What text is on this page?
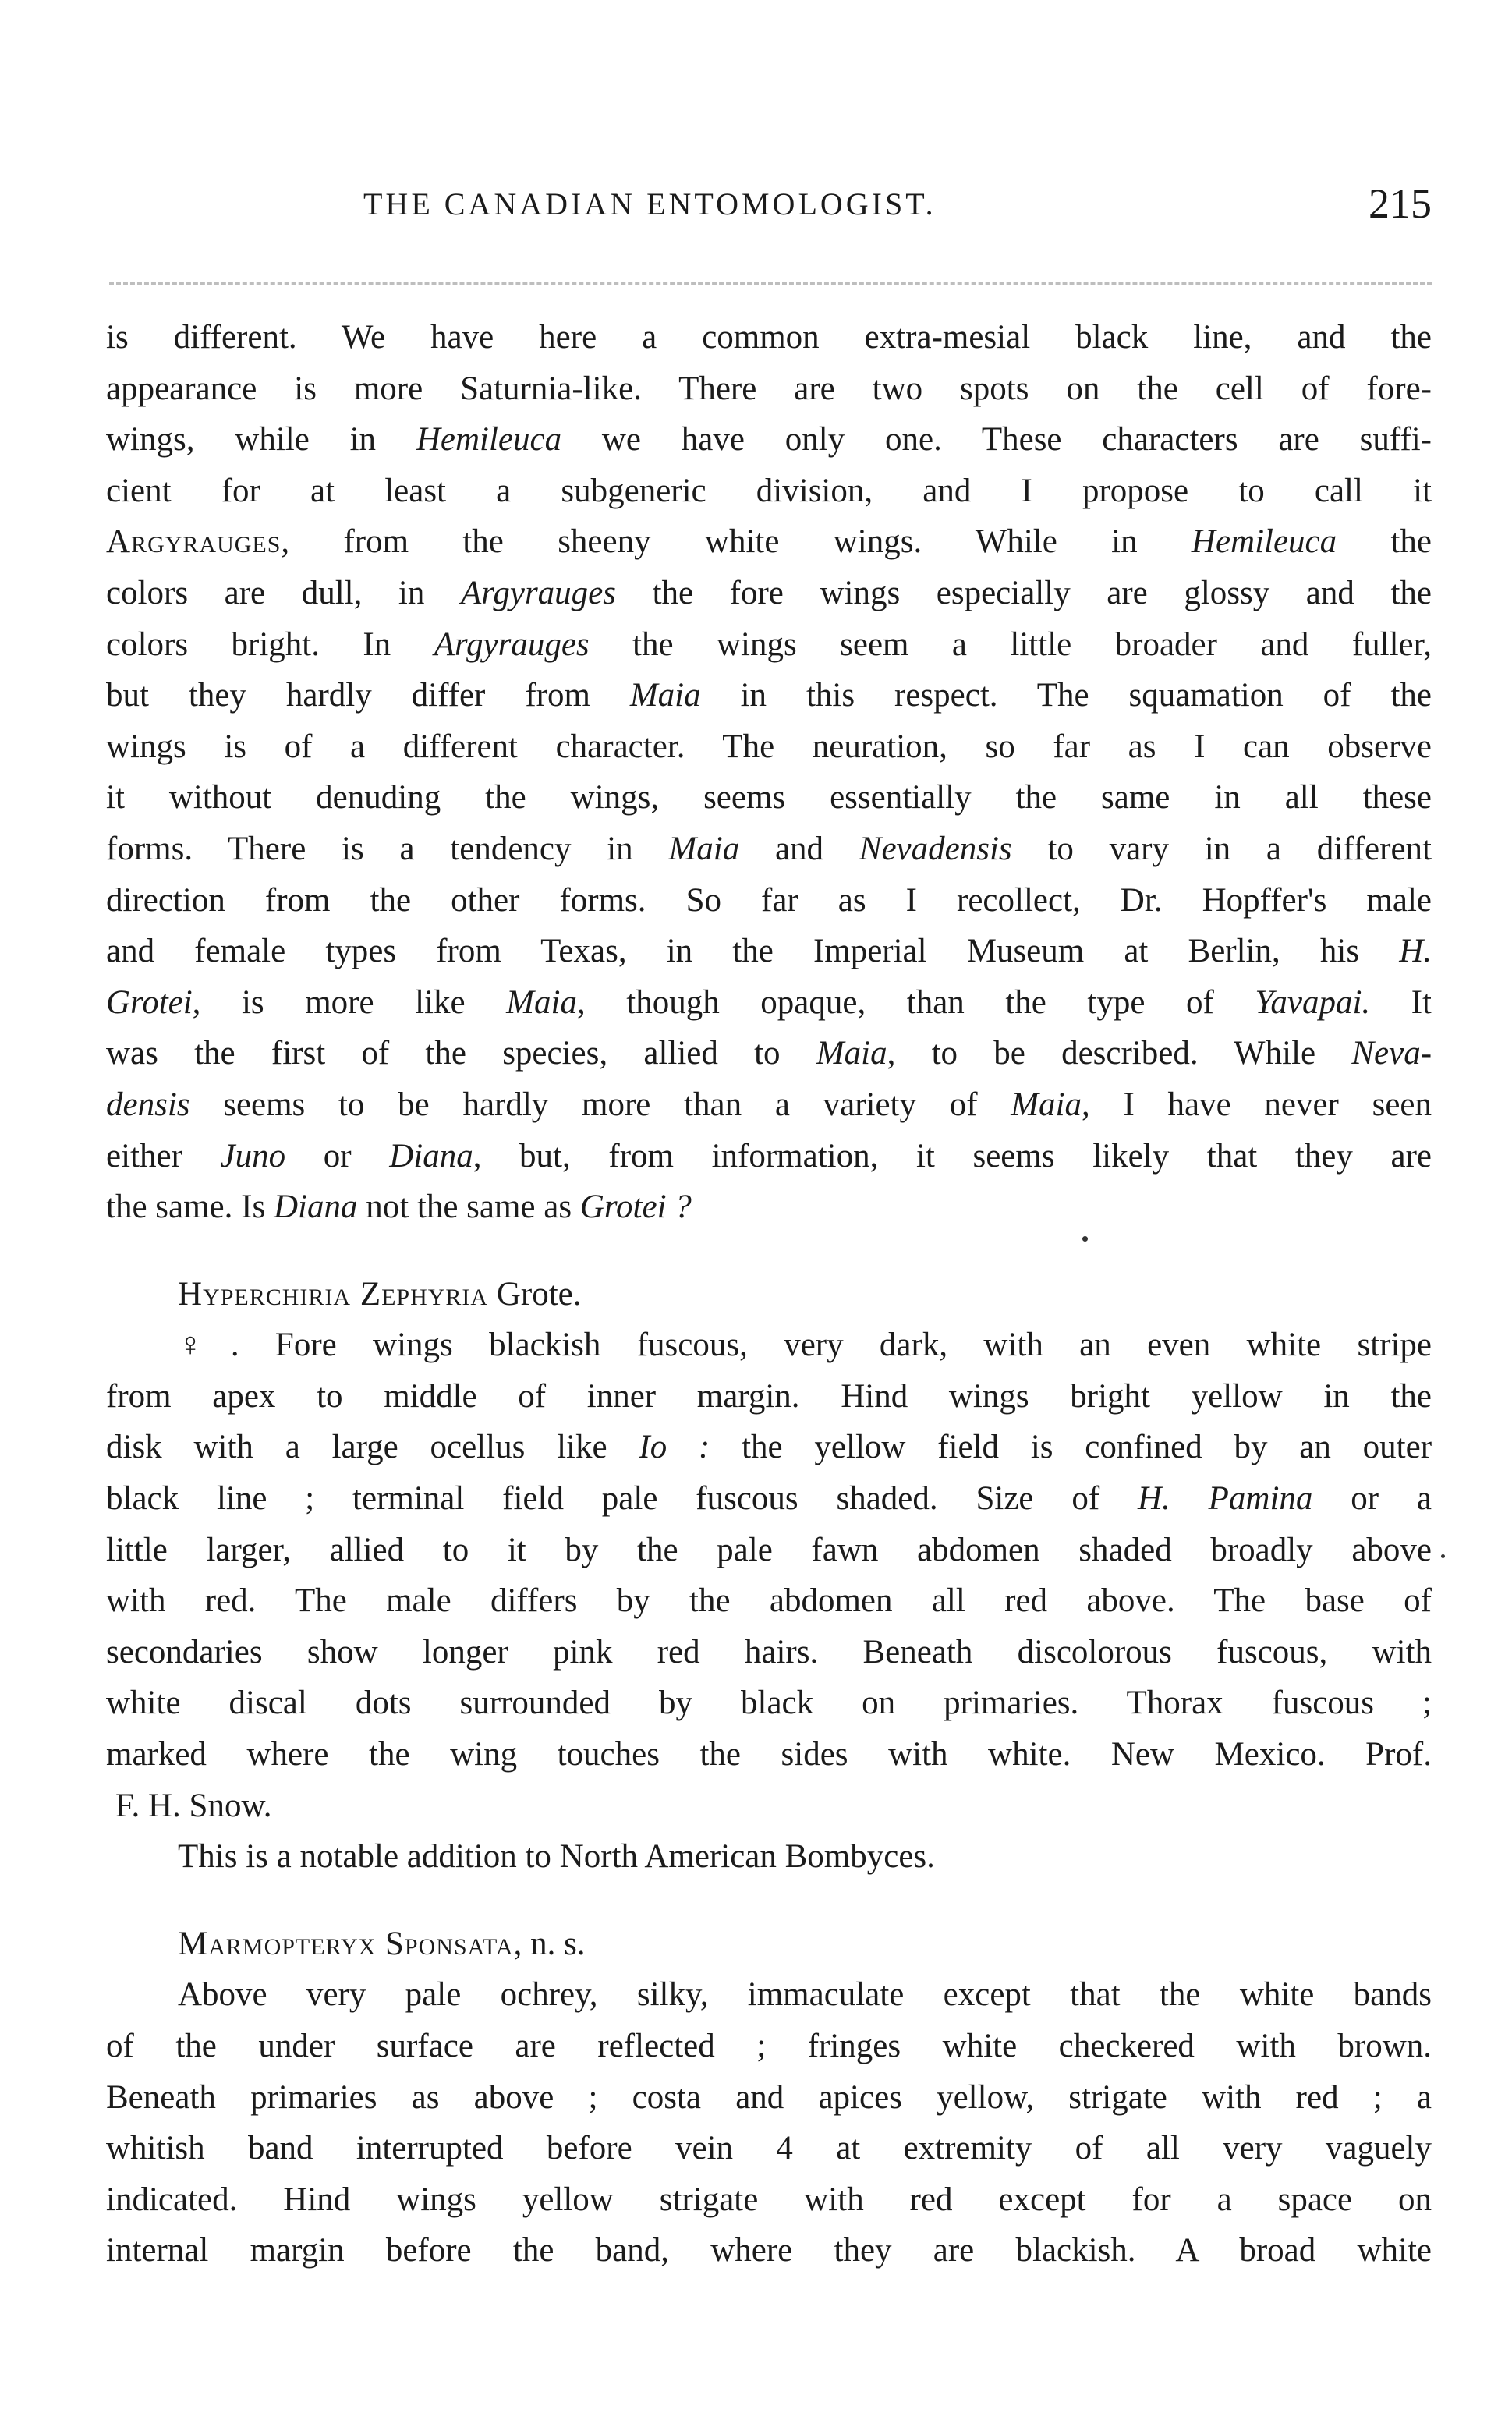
THE CANADIAN ENTOMOLOGIST.	215

is different. We have here a common extra-mesial black line, and the

appearance is more Saturnia-like. There are two spots on the cell of fore-

wings, while in Hemileuca we have only one. These characters are suffi-

cient for at least a subgeneric division, and I propose to call it

Argyrauges, from the sheeny white wings. While in Hemileuca the

colors are dull, in Argyrauges the fore wings especially are glossy and the

colors bright. In Argyrauges the wings seem a little broader and fuller,

but they hardly differ from Maia in this respect. The squamation of the

wings is of a different character. The neuration, so far as I can observe

it without denuding the wings, seems essentially the same in all these

forms. There is a tendency in Maia and Nevadensis to vary in a different

direction from the other forms. So far as I recollect, Dr. Hopffer's male

and female types from Texas, in the Imperial Museum at Berlin, his H.

Grotei, is more like Maia, though opaque, than the type of Yavapai. It

was the first of the species, allied to Maia, to be described. While Neva-

densis seems to be hardly more than a variety of Maia, I have never seen

either Juno or Diana, but, from information, it seems likely that they are

the same. Is Diana not the same as Grotei ?

Hyperchiria Zephyria Grote.

♀. Fore wings blackish fuscous, very dark, with an even white stripe

from apex to middle of inner margin. Hind wings bright yellow in the

disk with a large ocellus like Io : the yellow field is confined by an outer

black line ; terminal field pale fuscous shaded. Size of H. Pamina or a

little larger, allied to it by the pale fawn abdomen shaded broadly above

with red. The male differs by the abdomen all red above. The base of

secondaries show longer pink red hairs. Beneath discolorous fuscous, with

white discal dots surrounded by black on primaries. Thorax fuscous ;

marked where the wing touches the sides with white. New Mexico. Prof.

F. H. Snow.

This is a notable addition to North American Bombyces.

Marmopteryx Sponsata, n. s.

Above very pale ochrey, silky, immaculate except that the white bands

of the under surface are reflected ; fringes white checkered with brown.

Beneath primaries as above ; costa and apices yellow, strigate with red ; a

whitish band interrupted before vein 4 at extremity of all very vaguely

indicated. Hind wings yellow strigate with red except for a space on

internal margin before the band, where they are blackish. A broad white
